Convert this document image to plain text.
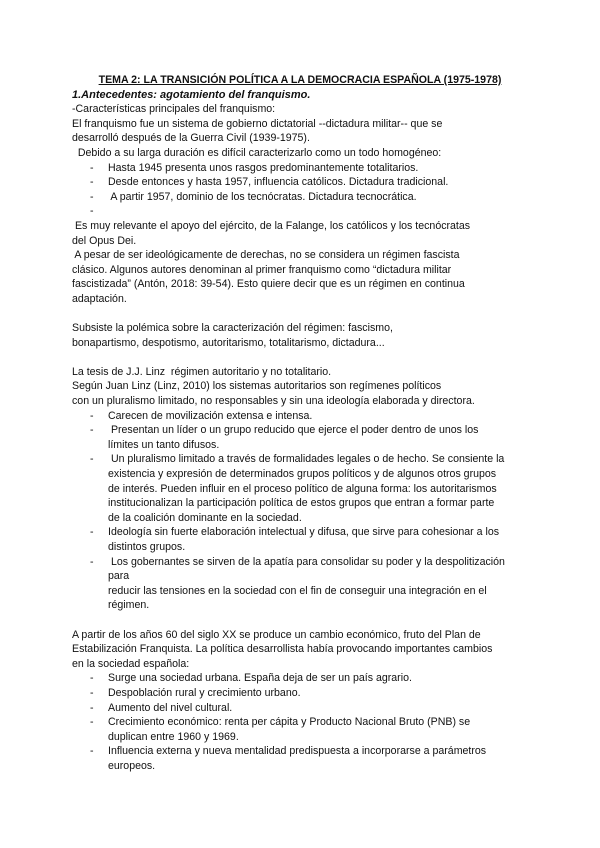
TEMA 2: LA TRANSICIÓN POLÍTICA A LA DEMOCRACIA ESPAÑOLA (1975-1978)
1.Antecedentes: agotamiento del franquismo.
-Características principales del franquismo:
El franquismo fue un sistema de gobierno dictatorial --dictadura militar-- que se
desarrolló después de la Guerra Civil (1939-1975).
Debido a su larga duración es difícil caracterizarlo como un todo homogéneo:
- Hasta 1945 presenta unos rasgos predominantemente totalitarios.
- Desde entonces y hasta 1957, influencia católicos. Dictadura tradicional.
- A partir 1957, dominio de los tecnócratas. Dictadura tecnocrática.
-
Es muy relevante el apoyo del ejército, de la Falange, los católicos y los tecnócratas
del Opus Dei.
A pesar de ser ideológicamente de derechas, no se considera un régimen fascista
clásico. Algunos autores denominan al primer franquismo como “dictadura militar
fascistizada” (Antón, 2018: 39-54). Esto quiere decir que es un régimen en continua
adaptación.
Subsiste la polémica sobre la caracterización del régimen: fascismo,
bonapartismo, despotismo, autoritarismo, totalitarismo, dictadura...
La tesis de J.J. Linz  régimen autoritario y no totalitario.
Según Juan Linz (Linz, 2010) los sistemas autoritarios son regímenes políticos
con un pluralismo limitado, no responsables y sin una ideología elaborada y directora.
- Carecen de movilización extensa e intensa.
- Presentan un líder o un grupo reducido que ejerce el poder dentro de unos los
límites un tanto difusos.
- Un pluralismo limitado a través de formalidades legales o de hecho. Se consiente la
existencia y expresión de determinados grupos políticos y de algunos otros grupos
de interés. Pueden influir en el proceso político de alguna forma: los autoritarismos
institucionalizan la participación política de estos grupos que entran a formar parte
de la coalición dominante en la sociedad.
- Ideología sin fuerte elaboración intelectual y difusa, que sirve para cohesionar a los
distintos grupos.
- Los gobernantes se sirven de la apatía para consolidar su poder y la despolitización
para
reducir las tensiones en la sociedad con el fin de conseguir una integración en el
régimen.
A partir de los años 60 del siglo XX se produce un cambio económico, fruto del Plan de
Estabilización Franquista. La política desarrollista había provocando importantes cambios
en la sociedad española:
- Surge una sociedad urbana. España deja de ser un país agrario.
- Despoblación rural y crecimiento urbano.
- Aumento del nivel cultural.
- Crecimiento económico: renta per cápita y Producto Nacional Bruto (PNB) se
duplican entre 1960 y 1969.
- Influencia externa y nueva mentalidad predispuesta a incorporarse a parámetros
europeos.
